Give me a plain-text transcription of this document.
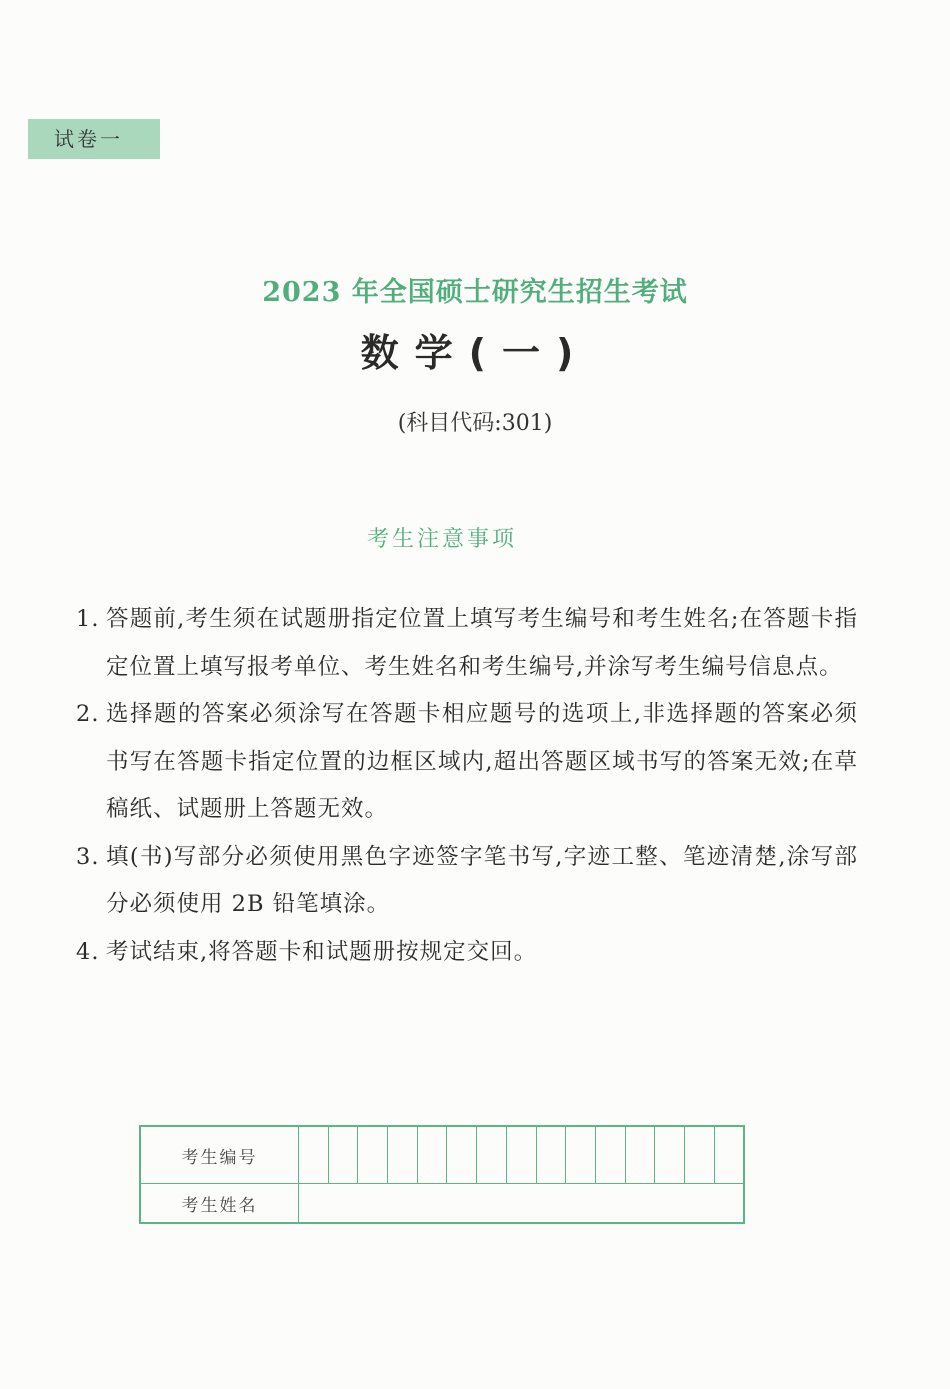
试卷一
2023 年全国硕士研究生招生考试
数学(一)
(科目代码:301)
考生注意事项
1. 答题前,考生须在试题册指定位置上填写考生编号和考生姓名;在答题卡指定位置上填写报考单位、考生姓名和考生编号,并涂写考生编号信息点。
2. 选择题的答案必须涂写在答题卡相应题号的选项上,非选择题的答案必须书写在答题卡指定位置的边框区域内,超出答题区域书写的答案无效;在草稿纸、试题册上答题无效。
3. 填(书)写部分必须使用黑色字迹签字笔书写,字迹工整、笔迹清楚,涂写部分必须使用 2B 铅笔填涂。
4. 考试结束,将答题卡和试题册按规定交回。
考生编号															
考生姓名															
